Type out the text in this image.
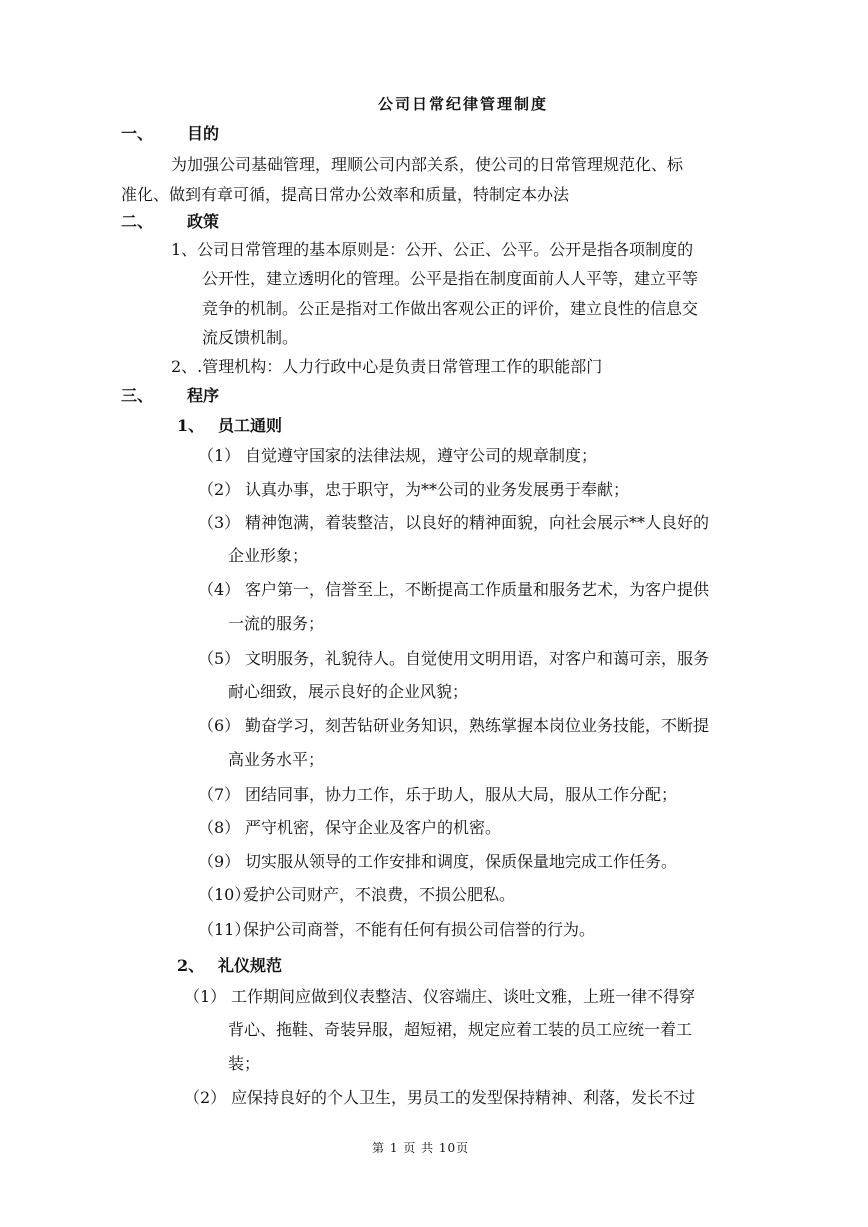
公司日常纪律管理制度
一、 目的
为加强公司基础管理，理顺公司内部关系，使公司的日常管理规范化、标
准化、做到有章可循，提高日常办公效率和质量，特制定本办法
二、 政策
1、公司日常管理的基本原则是：公开、公正、公平。公开是指各项制度的
公开性，建立透明化的管理。公平是指在制度面前人人平等，建立平等
竞争的机制。公正是指对工作做出客观公正的评价，建立良性的信息交
流反馈机制。
2、.管理机构：人力行政中心是负责日常管理工作的职能部门
三、 程序
1、 员工通则
（1） 自觉遵守国家的法律法规，遵守公司的规章制度；
（2） 认真办事，忠于职守，为**公司的业务发展勇于奉献；
（3） 精神饱满，着装整洁，以良好的精神面貌，向社会展示**人良好的
企业形象；
（4） 客户第一，信誉至上，不断提高工作质量和服务艺术，为客户提供
一流的服务；
（5） 文明服务，礼貌待人。自觉使用文明用语，对客户和蔼可亲，服务
耐心细致，展示良好的企业风貌；
（6） 勤奋学习，刻苦钻研业务知识，熟练掌握本岗位业务技能，不断提
高业务水平；
（7） 团结同事，协力工作，乐于助人，服从大局，服从工作分配；
（8） 严守机密，保守企业及客户的机密。
（9） 切实服从领导的工作安排和调度，保质保量地完成工作任务。
（10）
爱护公司财产，不浪费，不损公肥私。
（11）
保护公司商誉，不能有任何有损公司信誉的行为。
2、 礼仪规范
（1） 工作期间应做到仪表整洁、仪容端庄、谈吐文雅，上班一律不得穿
背心、拖鞋、奇装异服，超短裙，规定应着工装的员工应统一着工
装；
（2） 应保持良好的个人卫生，男员工的发型保持精神、利落，发长不过
第 1 页 共 10页
